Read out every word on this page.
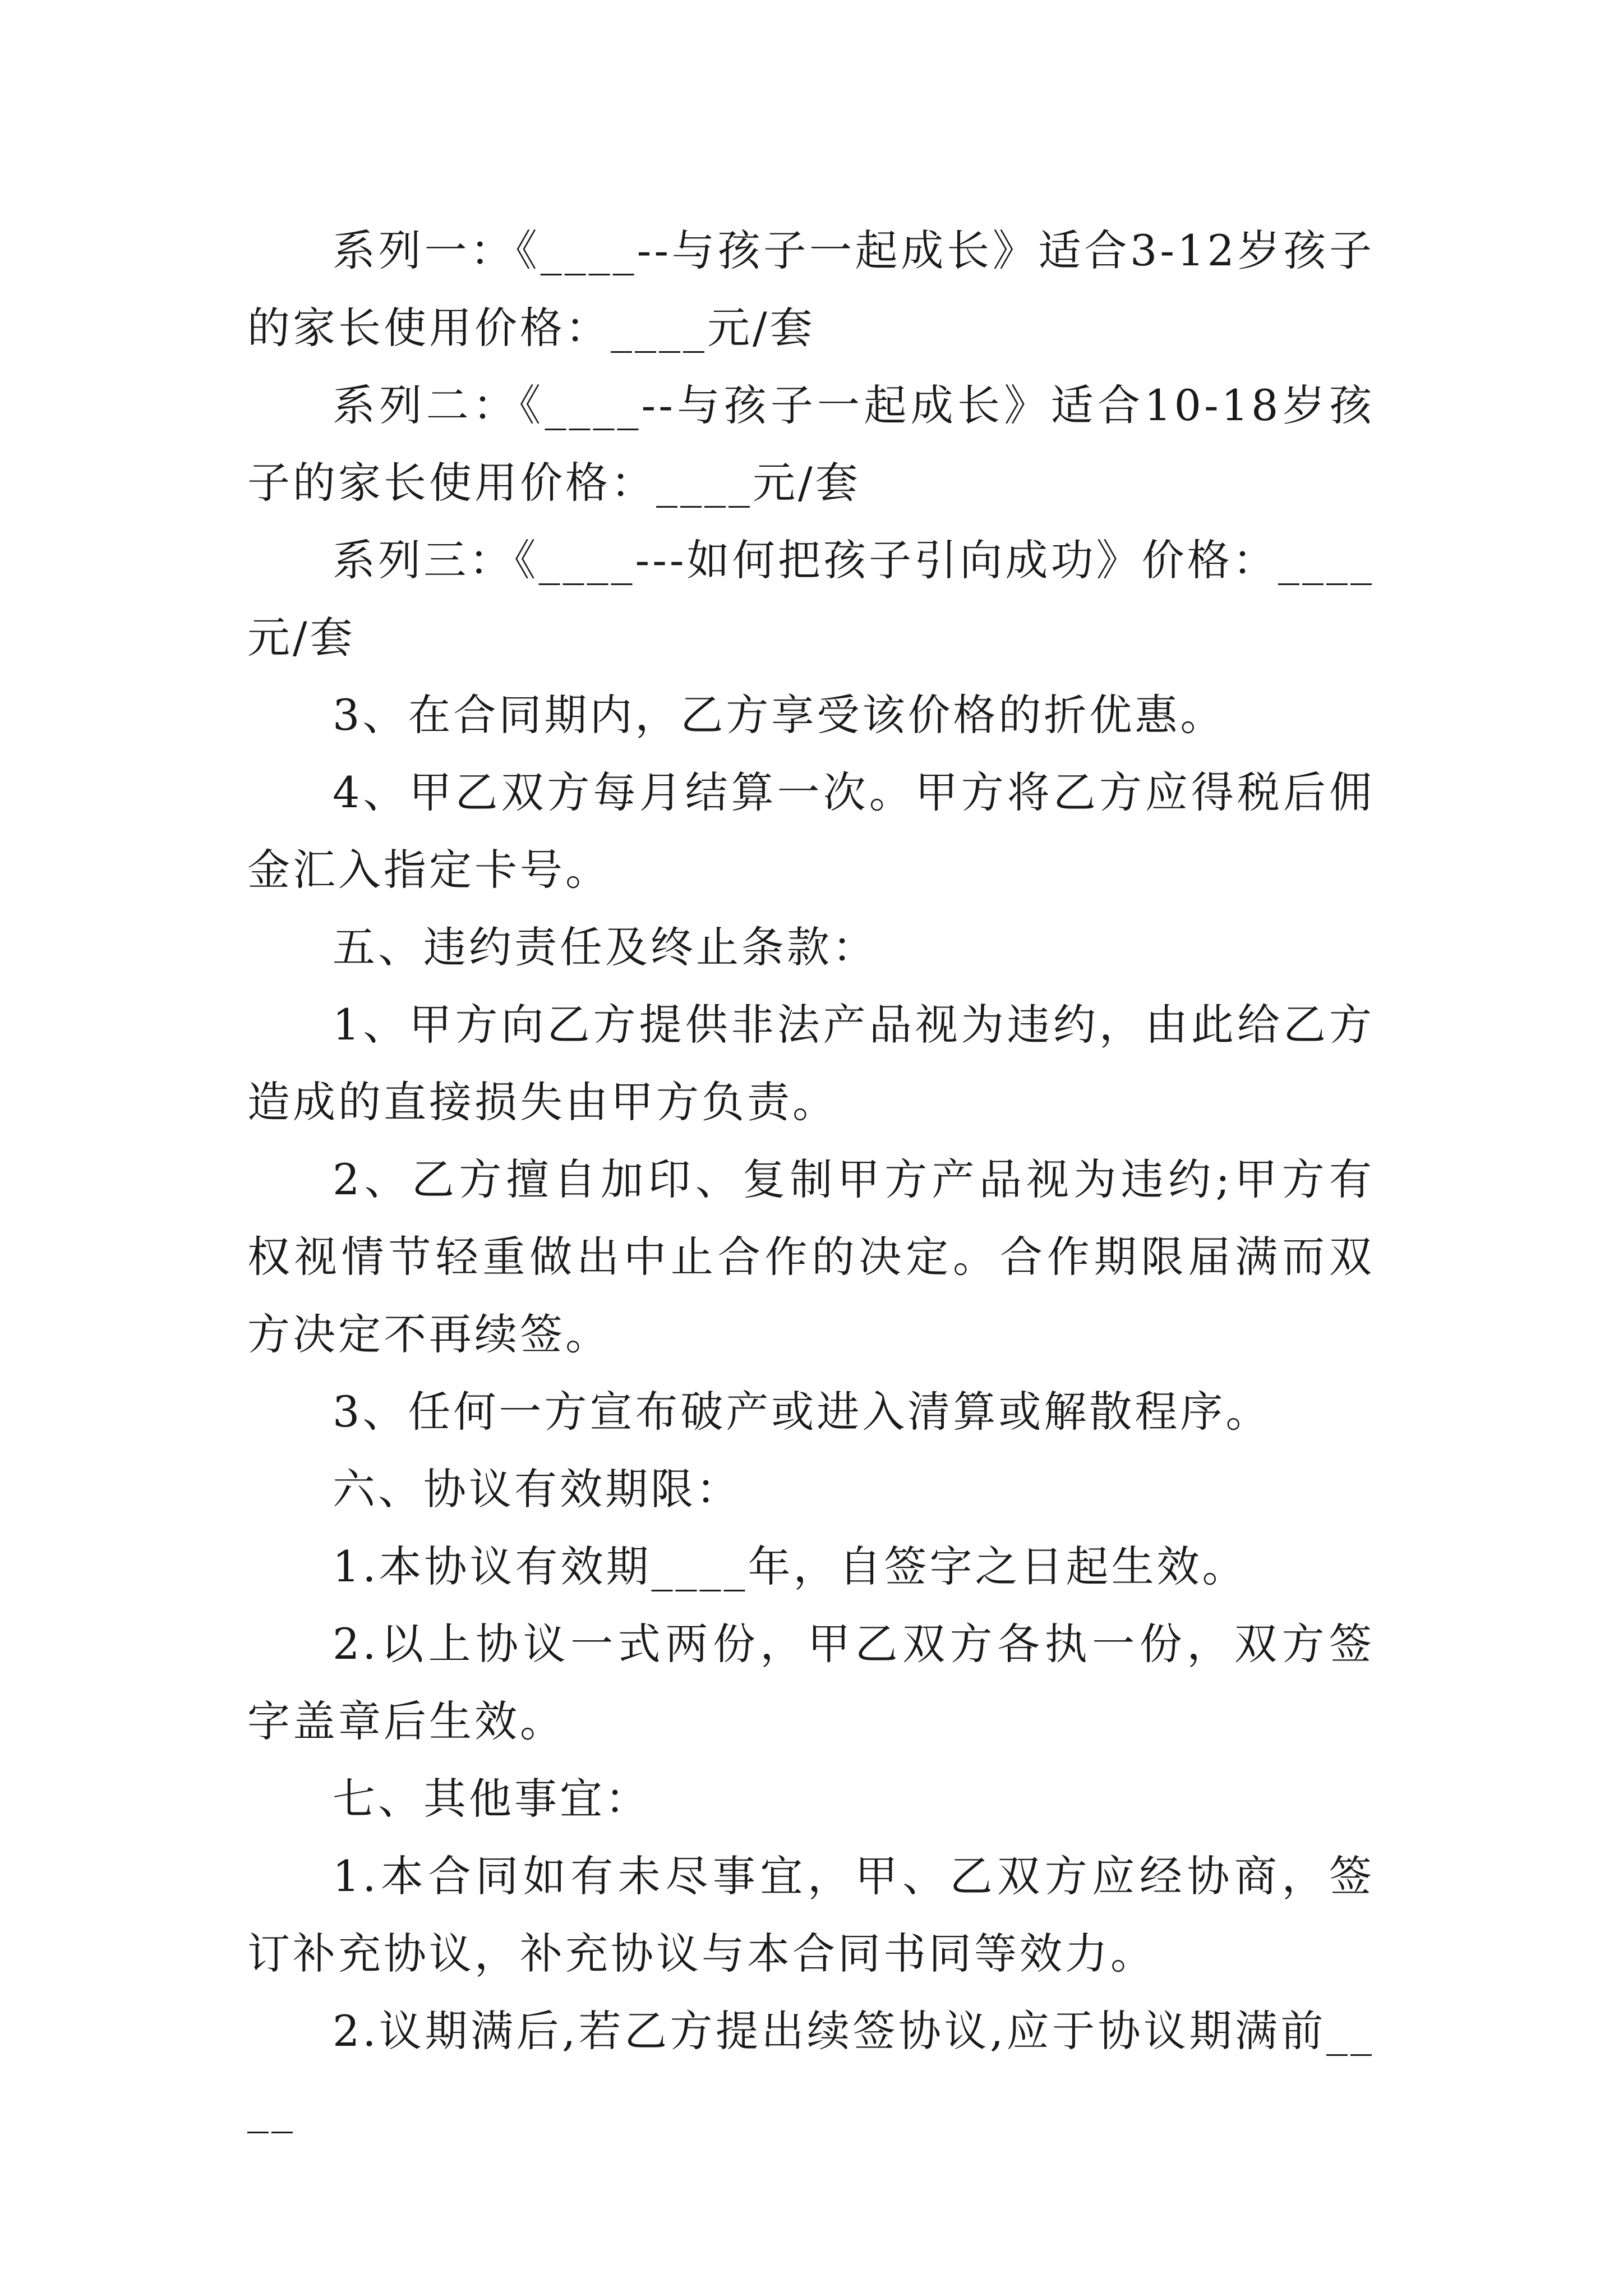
系列一：《____--与孩子一起成长》适合3-12岁孩子的家长使用价格：____元/套

系列二：《____--与孩子一起成长》适合10-18岁孩子的家长使用价格：____元/套

系列三：《____---如何把孩子引向成功》价格：____元/套

3、在合同期内，乙方享受该价格的折优惠。

4、甲乙双方每月结算一次。甲方将乙方应得税后佣金汇入指定卡号。

五、违约责任及终止条款：

1、甲方向乙方提供非法产品视为违约，由此给乙方造成的直接损失由甲方负责。

2、乙方擅自加印、复制甲方产品视为违约;甲方有权视情节轻重做出中止合作的决定。合作期限届满而双方决定不再续签。

3、任何一方宣布破产或进入清算或解散程序。

六、协议有效期限：

1.本协议有效期____年，自签字之日起生效。

2.以上协议一式两份，甲乙双方各执一份，双方签字盖章后生效。

七、其他事宜：

1.本合同如有未尽事宜，甲、乙双方应经协商，签订补充协议，补充协议与本合同书同等效力。

2.议期满后,若乙方提出续签协议,应于协议期满前____
